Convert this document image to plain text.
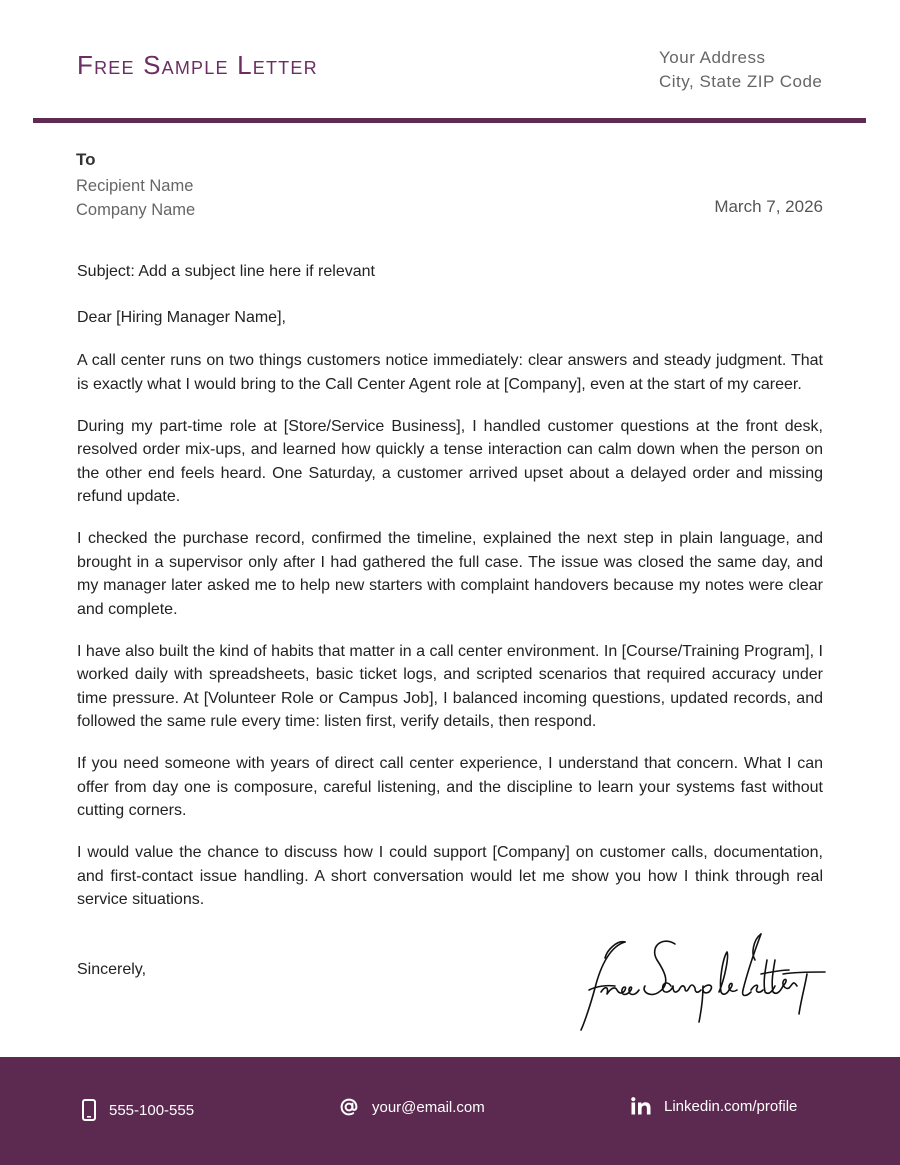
Free Sample Letter	Your Address
City, State ZIP Code
To
Recipient Name
Company Name	March 7, 2026
Subject: Add a subject line here if relevant
Dear [Hiring Manager Name],

A call center runs on two things customers notice immediately: clear answers and steady judgment. That is exactly what I would bring to the Call Center Agent role at [Company], even at the start of my career.

During my part-time role at [Store/Service Business], I handled customer questions at the front desk, resolved order mix-ups, and learned how quickly a tense interaction can calm down when the person on the other end feels heard. One Saturday, a customer arrived upset about a delayed order and missing refund update.

I checked the purchase record, confirmed the timeline, explained the next step in plain language, and brought in a supervisor only after I had gathered the full case. The issue was closed the same day, and my manager later asked me to help new starters with complaint handovers because my notes were clear and complete.

I have also built the kind of habits that matter in a call center environment. In [Course/Training Program], I worked daily with spreadsheets, basic ticket logs, and scripted scenarios that required accuracy under time pressure. At [Volunteer Role or Campus Job], I balanced incoming questions, updated records, and followed the same rule every time: listen first, verify details, then respond.

If you need someone with years of direct call center experience, I understand that concern. What I can offer from day one is composure, careful listening, and the discipline to learn your systems fast without cutting corners.

I would value the chance to discuss how I could support [Company] on customer calls, documentation, and first-contact issue handling. A short conversation would let me show you how I think through real service situations.

Sincerely,
555-100-555	your@email.com	Linkedin.com/profile
